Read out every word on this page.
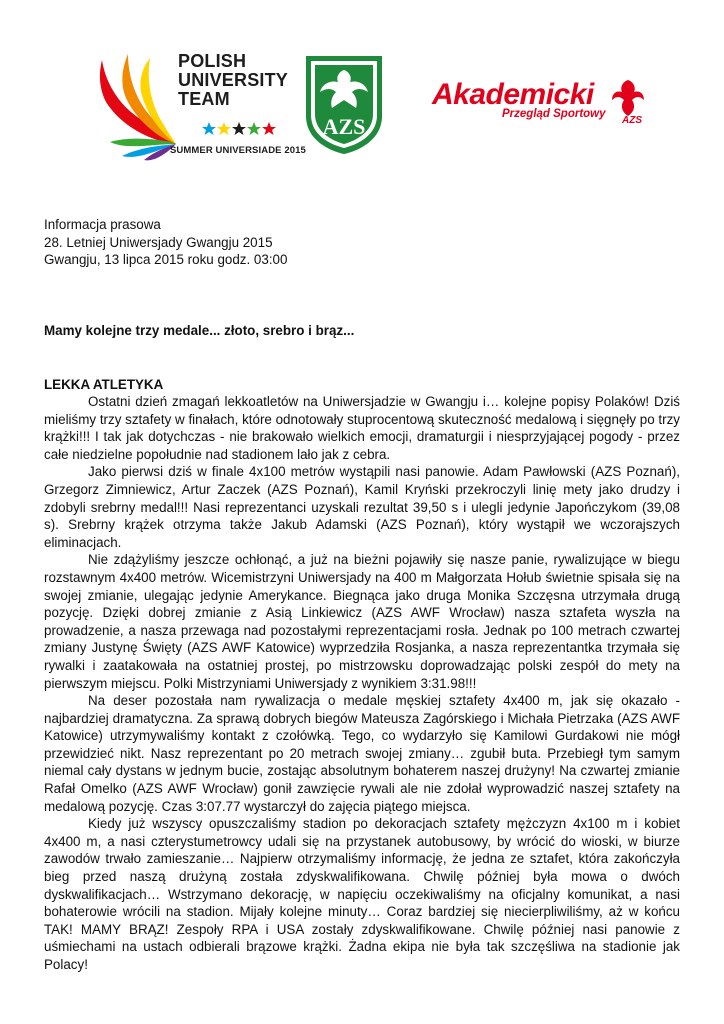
POLISH
UNIVERSITY
TEAM
SUMMER UNIVERSIADE 2015
AZS
Akademicki
Przegląd Sportowy
AZS
Informacja prasowa
28. Letniej Uniwersjady Gwangju 2015
Gwangju, 13 lipca 2015 roku godz. 03:00
Mamy kolejne trzy medale... złoto, srebro i brąz...
LEKKA ATLETYKA

Ostatni dzień zmagań lekkoatletów na Uniwersjadzie w Gwangju i… kolejne popisy Polaków! Dziś mieliśmy trzy sztafety w finałach, które odnotowały stuprocentową skuteczność medalową i sięgnęły po trzy krążki!!! I tak jak dotychczas - nie brakowało wielkich emocji, dramaturgii i niesprzyjającej pogody - przez całe niedzielne popołudnie nad stadionem lało jak z cebra.

Jako pierwsi dziś w finale 4x100 metrów wystąpili nasi panowie. Adam Pawłowski (AZS Poznań), Grzegorz Zimniewicz, Artur Zaczek (AZS Poznań), Kamil Kryński przekroczyli linię mety jako drudzy i zdobyli srebrny medal!!! Nasi reprezentanci uzyskali rezultat 39,50 s i ulegli jedynie Japończykom (39,08 s). Srebrny krążek otrzyma także Jakub Adamski (AZS Poznań), który wystąpił we wczorajszych eliminacjach.

Nie zdążyliśmy jeszcze ochłonąć, a już na bieżni pojawiły się nasze panie, rywalizujące w biegu rozstawnym 4x400 metrów. Wicemistrzyni Uniwersjady na 400 m Małgorzata Hołub świetnie spisała się na swojej zmianie, ulegając jedynie Amerykance. Biegnąca jako druga Monika Szczęsna utrzymała drugą pozycję. Dzięki dobrej zmianie z Asią Linkiewicz (AZS AWF Wrocław) nasza sztafeta wyszła na prowadzenie, a nasza przewaga nad pozostałymi reprezentacjami rosła. Jednak po 100 metrach czwartej zmiany Justynę Święty (AZS AWF Katowice) wyprzedziła Rosjanka, a nasza reprezentantka trzymała się rywalki i zaatakowała na ostatniej prostej, po mistrzowsku doprowadzając polski zespół do mety na pierwszym miejscu. Polki Mistrzyniami Uniwersjady z wynikiem 3:31.98!!!

Na deser pozostała nam rywalizacja o medale męskiej sztafety 4x400 m, jak się okazało - najbardziej dramatyczna. Za sprawą dobrych biegów Mateusza Zagórskiego i Michała Pietrzaka (AZS AWF Katowice) utrzymywaliśmy kontakt z czołówką. Tego, co wydarzyło się Kamilowi Gurdakowi nie mógł przewidzieć nikt. Nasz reprezentant po 20 metrach swojej zmiany… zgubił buta. Przebiegł tym samym niemal cały dystans w jednym bucie, zostając absolutnym bohaterem naszej drużyny! Na czwartej zmianie Rafał Omelko (AZS AWF Wrocław) gonił zawzięcie rywali ale nie zdołał wyprowadzić naszej sztafety na medalową pozycję. Czas 3:07.77 wystarczył do zajęcia piątego miejsca.

Kiedy już wszyscy opuszczaliśmy stadion po dekoracjach sztafety mężczyzn 4x100 m i kobiet 4x400 m, a nasi czterystumetrowcy udali się na przystanek autobusowy, by wrócić do wioski, w biurze zawodów trwało zamieszanie… Najpierw otrzymaliśmy informację, że jedna ze sztafet, która zakończyła bieg przed naszą drużyną została zdyskwalifikowana. Chwilę później była mowa o dwóch dyskwalifikacjach… Wstrzymano dekorację, w napięciu oczekiwaliśmy na oficjalny komunikat, a nasi bohaterowie wrócili na stadion. Mijały kolejne minuty… Coraz bardziej się niecierpliwiliśmy, aż w końcu TAK! MAMY BRĄZ! Zespoły RPA i USA zostały zdyskwalifikowane. Chwilę później nasi panowie z uśmiechami na ustach odbierali brązowe krążki. Żadna ekipa nie była tak szczęśliwa na stadionie jak Polacy!
